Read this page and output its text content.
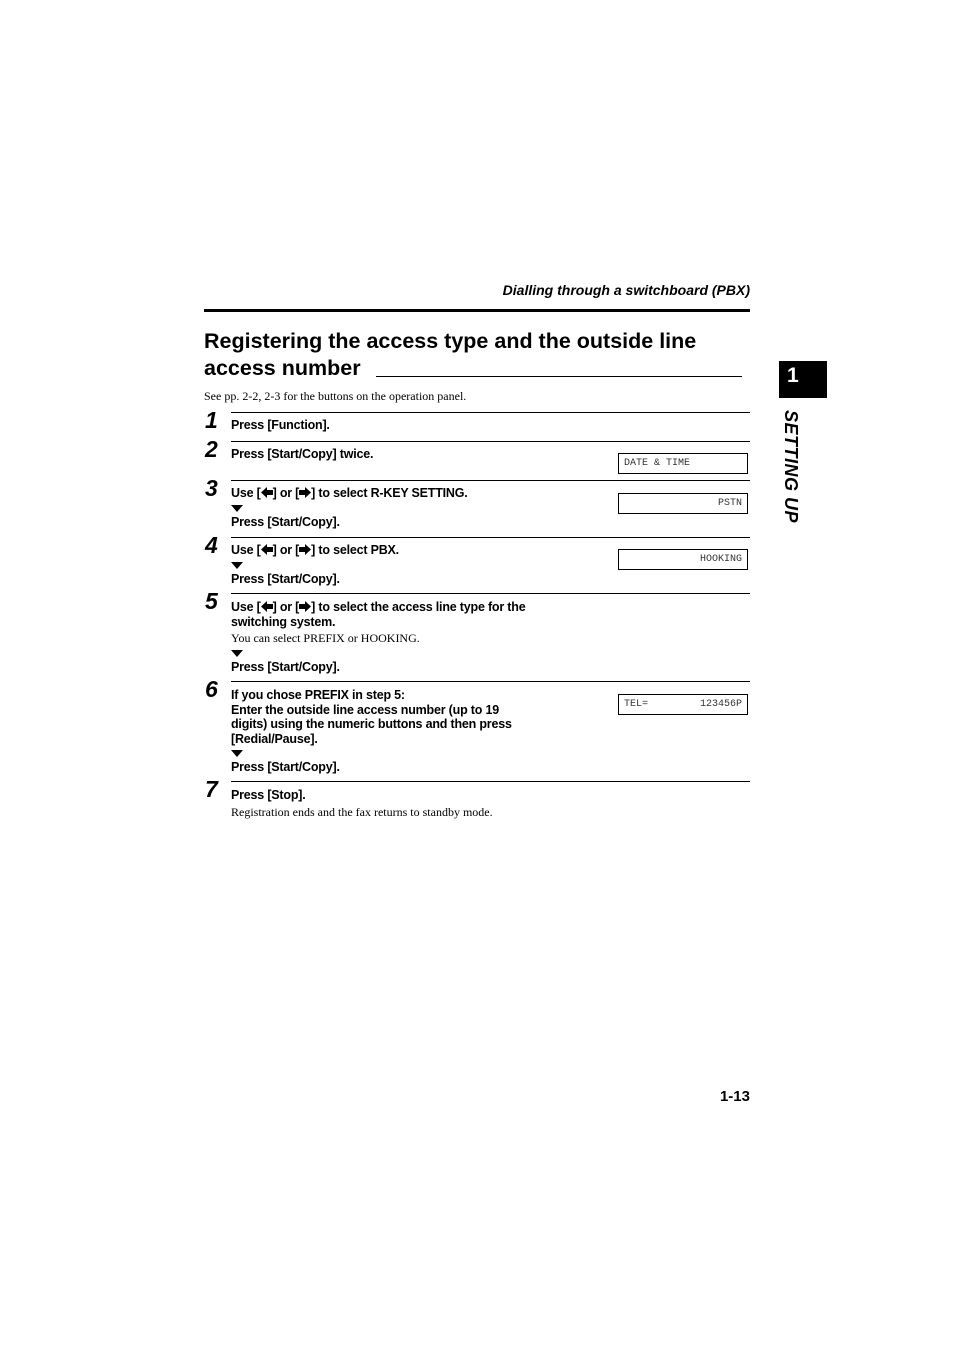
Dialling through a switchboard (PBX)
Registering the access type and the outside line
access number
See pp. 2-2, 2-3 for the buttons on the operation panel.
1 Press [Function].
2 Press [Start/Copy] twice.
DATE & TIME
3 Use [ ] or [ ] to select R-KEY SETTING.
Press [Start/Copy].
PSTN
4 Use [ ] or [ ] to select PBX.
Press [Start/Copy].
HOOKING
5 Use [ ] or [ ] to select the access line type for the switching system.
You can select PREFIX or HOOKING.
Press [Start/Copy].
6 If you chose PREFIX in step 5:
Enter the outside line access number (up to 19 digits) using the numeric buttons and then press [Redial/Pause].
Press [Start/Copy].
TEL=	123456P
7 Press [Stop].
Registration ends and the fax returns to standby mode.
1
SETTING UP
1-13
